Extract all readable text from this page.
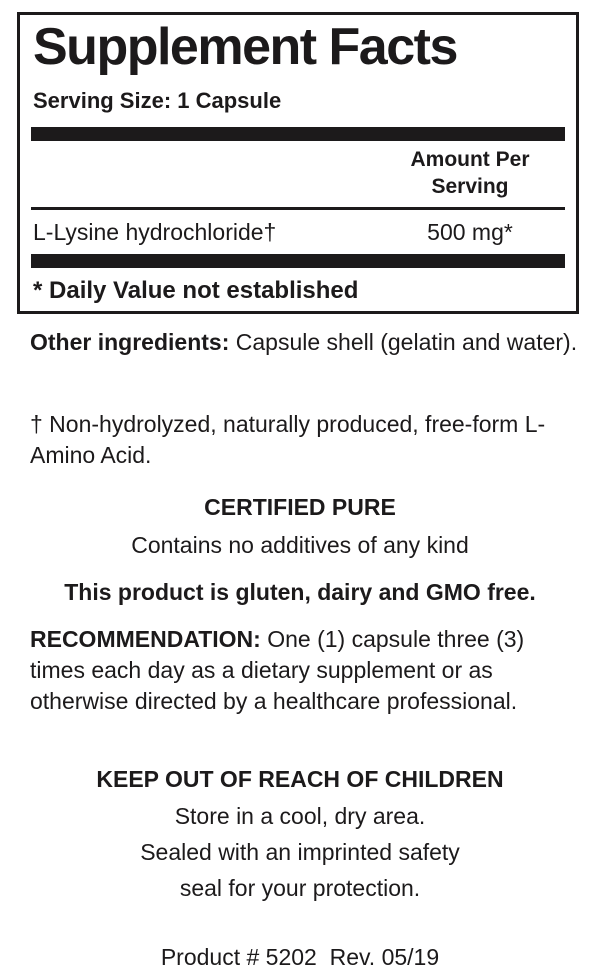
Supplement Facts
Serving Size: 1 Capsule
Amount Per Serving
L-Lysine hydrochloride†	500 mg*
* Daily Value not established
Other ingredients: Capsule shell (gelatin and water).
† Non-hydrolyzed, naturally produced, free-form L-Amino Acid.
CERTIFIED PURE
Contains no additives of any kind
This product is gluten, dairy and GMO free.
RECOMMENDATION: One (1) capsule three (3) times each day as a dietary supplement or as otherwise directed by a healthcare professional.
KEEP OUT OF REACH OF CHILDREN
Store in a cool, dry area.
Sealed with an imprinted safety
seal for your protection.
Product # 5202  Rev. 05/19
